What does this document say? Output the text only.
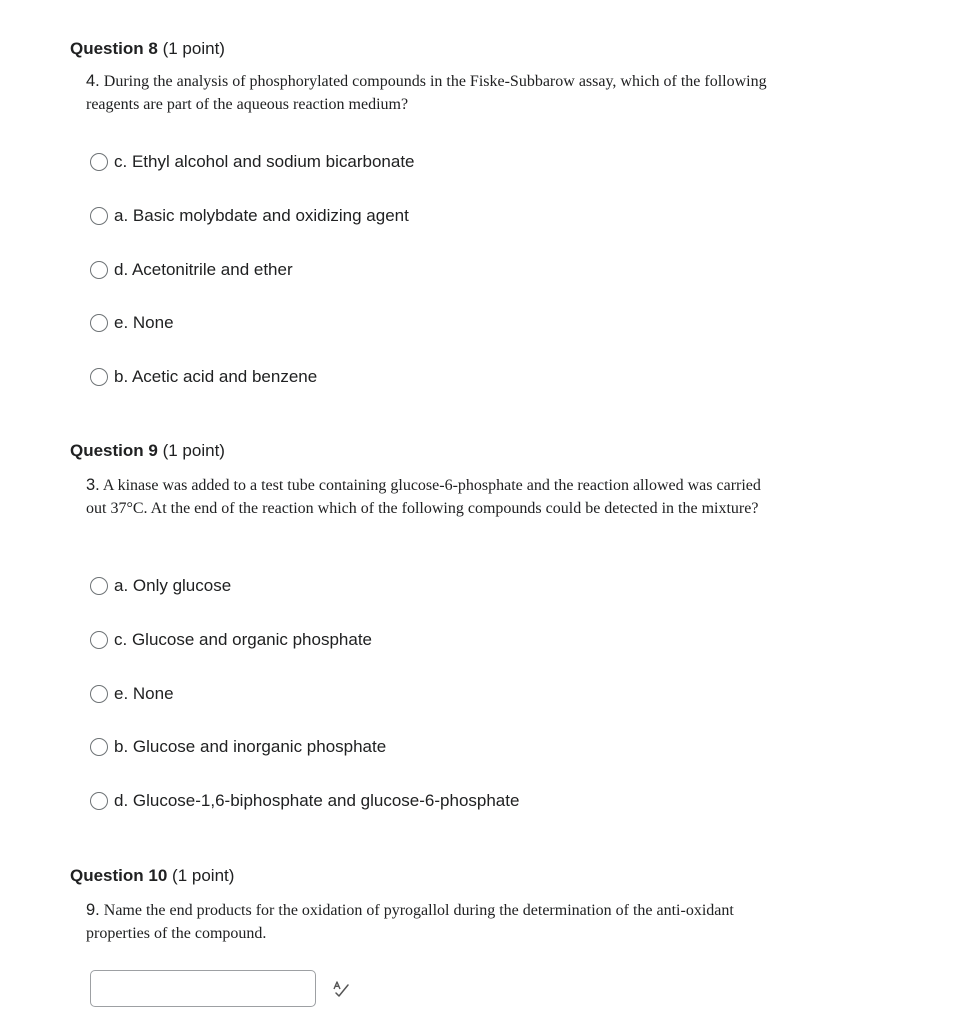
Question 8 (1 point)

4. During the analysis of phosphorylated compounds in the Fiske-Subbarow assay, which of the following reagents are part of the aqueous reaction medium?
c. Ethyl alcohol and sodium bicarbonate
a. Basic molybdate and oxidizing agent
d. Acetonitrile and ether
e. None
b. Acetic acid and benzene

Question 9 (1 point)

3. A kinase was added to a test tube containing glucose-6-phosphate and the reaction allowed was carried out 37°C. At the end of the reaction which of the following compounds could be detected in the mixture?
a. Only glucose
c. Glucose and organic phosphate
e. None
b. Glucose and inorganic phosphate
d. Glucose-1,6-biphosphate and glucose-6-phosphate

Question 10 (1 point)

9. Name the end products for the oxidation of pyrogallol during the determination of the anti-oxidant properties of the compound.
